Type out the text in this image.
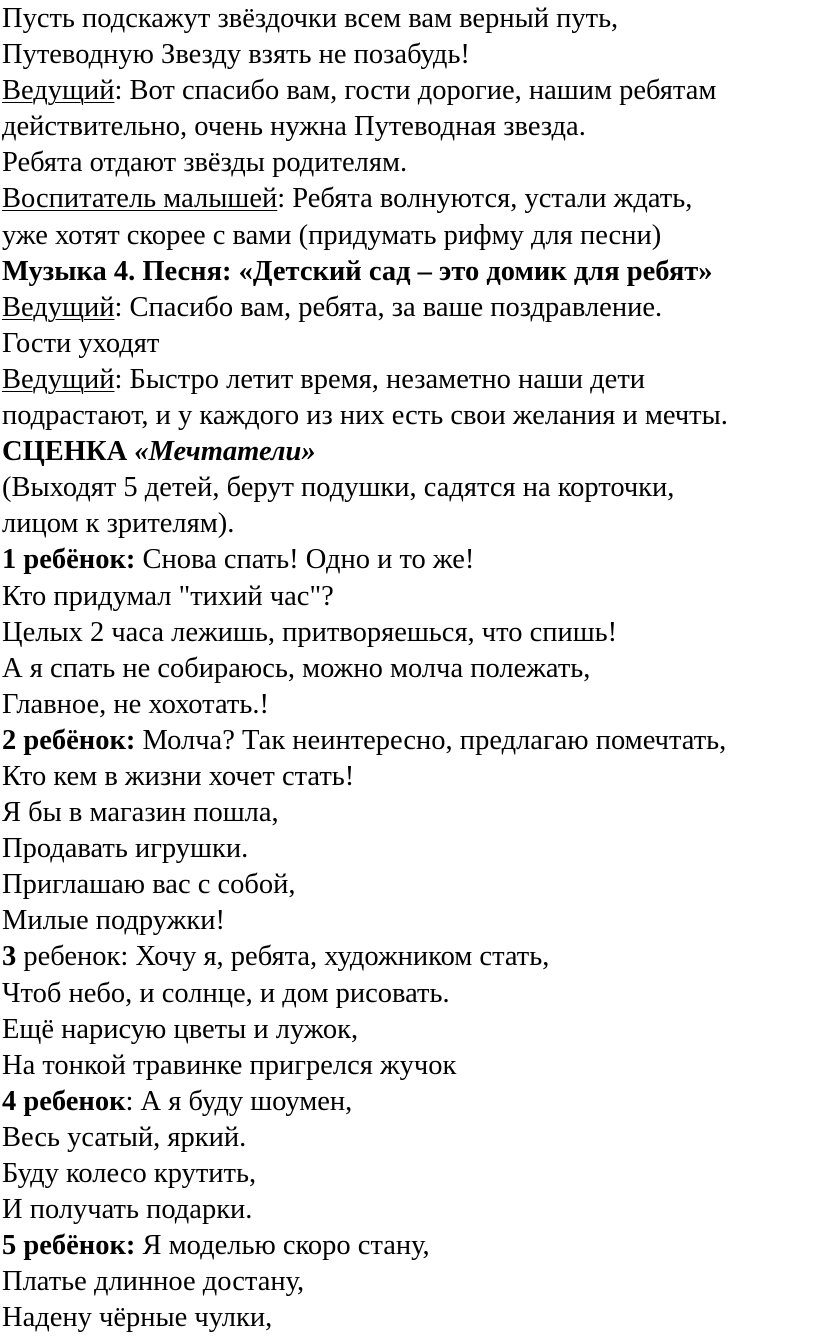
Пусть подскажут звёздочки всем вам верный путь,
Путеводную Звезду взять не позабудь!
Ведущий: Вот спасибо вам, гости дорогие, нашим ребятам
действительно, очень нужна Путеводная звезда.
Ребята отдают звёзды родителям.
Воспитатель малышей: Ребята волнуются, устали ждать,
уже хотят скорее с вами (придумать рифму для песни)
Музыка 4. Песня: «Детский сад – это домик для ребят»
Ведущий: Спасибо вам, ребята, за ваше поздравление.
Гости уходят
Ведущий: Быстро летит время, незаметно наши дети
подрастают, и у каждого из них есть свои желания и мечты.
СЦЕНКА «Мечтатели»
(Выходят 5 детей, берут подушки, садятся на корточки,
лицом к зрителям).
1 ребёнок: Снова спать! Одно и то же!
Кто придумал "тихий час"?
Целых 2 часа лежишь, притворяешься, что спишь!
А я спать не собираюсь, можно молча полежать,
Главное, не хохотать.!
2 ребёнок: Молча? Так неинтересно, предлагаю помечтать,
Кто кем в жизни хочет стать!
Я бы в магазин пошла,
Продавать игрушки.
Приглашаю вас с собой,
Милые подружки!
3 ребенок: Хочу я, ребята, художником стать,
Чтоб небо, и солнце, и дом рисовать.
Ещё нарисую цветы и лужок,
На тонкой травинке пригрелся жучок
4 ребенок: А я буду шоумен,
Весь усатый, яркий.
Буду колесо крутить,
И получать подарки.
5 ребёнок: Я моделью скоро стану,
Платье длинное достану,
Надену чёрные чулки,
